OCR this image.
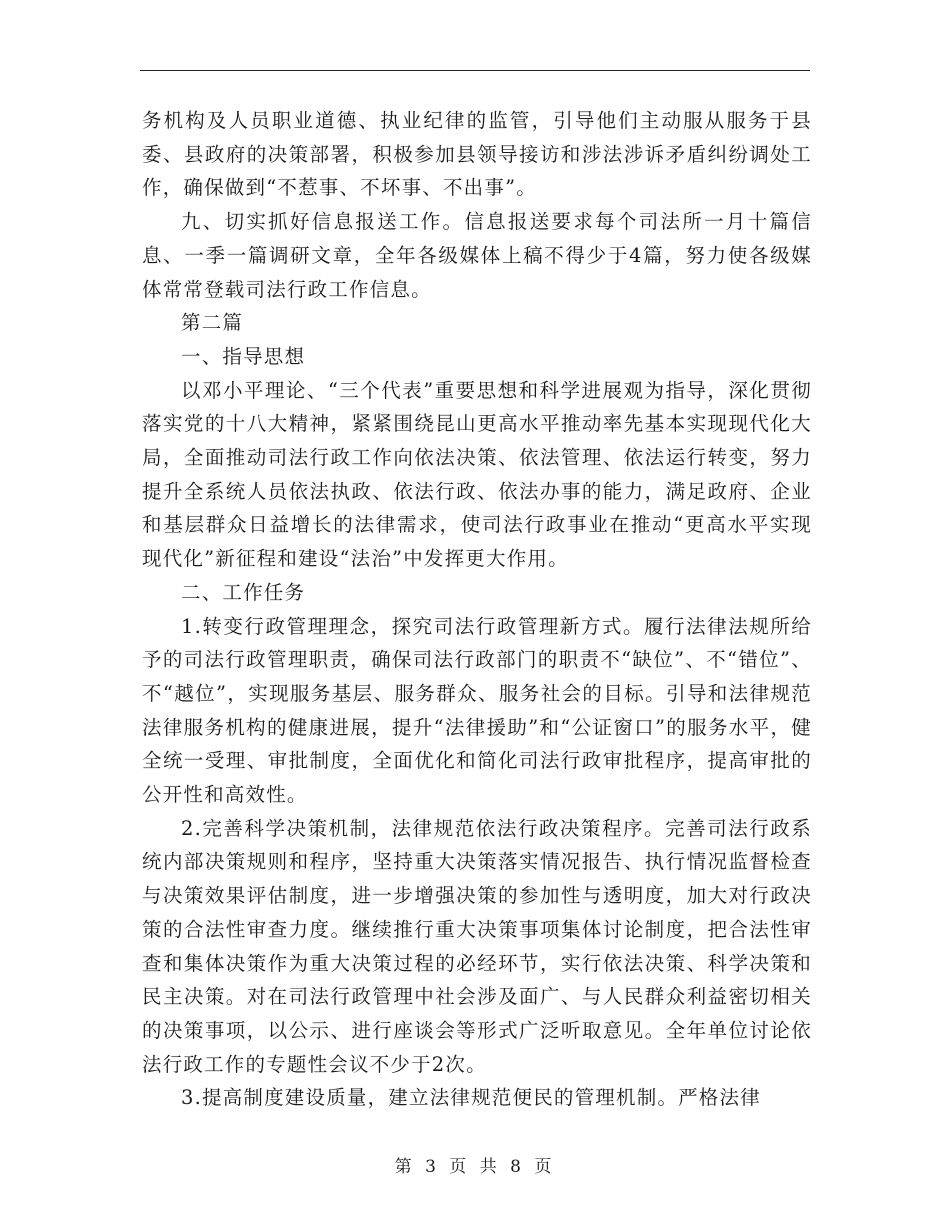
务机构及人员职业道德、执业纪律的监管，引导他们主动服从服务于县委、县政府的决策部署，积极参加县领导接访和涉法涉诉矛盾纠纷调处工作，确保做到“不惹事、不坏事、不出事”。

九、切实抓好信息报送工作。信息报送要求每个司法所一月十篇信息、一季一篇调研文章，全年各级媒体上稿不得少于4篇，努力使各级媒体常常登载司法行政工作信息。

第二篇

一、指导思想

以邓小平理论、“三个代表”重要思想和科学进展观为指导，深化贯彻落实党的十八大精神，紧紧围绕昆山更高水平推动率先基本实现现代化大局，全面推动司法行政工作向依法决策、依法管理、依法运行转变，努力提升全系统人员依法执政、依法行政、依法办事的能力，满足政府、企业和基层群众日益增长的法律需求，使司法行政事业在推动“更高水平实现现代化”新征程和建设“法治”中发挥更大作用。

二、工作任务

1.转变行政管理理念，探究司法行政管理新方式。履行法律法规所给予的司法行政管理职责，确保司法行政部门的职责不“缺位”、不“错位”、不“越位”，实现服务基层、服务群众、服务社会的目标。引导和法律规范法律服务机构的健康进展，提升“法律援助”和“公证窗口”的服务水平，健全统一受理、审批制度，全面优化和简化司法行政审批程序，提高审批的公开性和高效性。

2.完善科学决策机制，法律规范依法行政决策程序。完善司法行政系统内部决策规则和程序，坚持重大决策落实情况报告、执行情况监督检查与决策效果评估制度，进一步增强决策的参加性与透明度，加大对行政决策的合法性审查力度。继续推行重大决策事项集体讨论制度，把合法性审查和集体决策作为重大决策过程的必经环节，实行依法决策、科学决策和民主决策。对在司法行政管理中社会涉及面广、与人民群众利益密切相关的决策事项，以公示、进行座谈会等形式广泛听取意见。全年单位讨论依法行政工作的专题性会议不少于2次。

3.提高制度建设质量，建立法律规范便民的管理机制。严格法律

第 3 页 共 8 页
